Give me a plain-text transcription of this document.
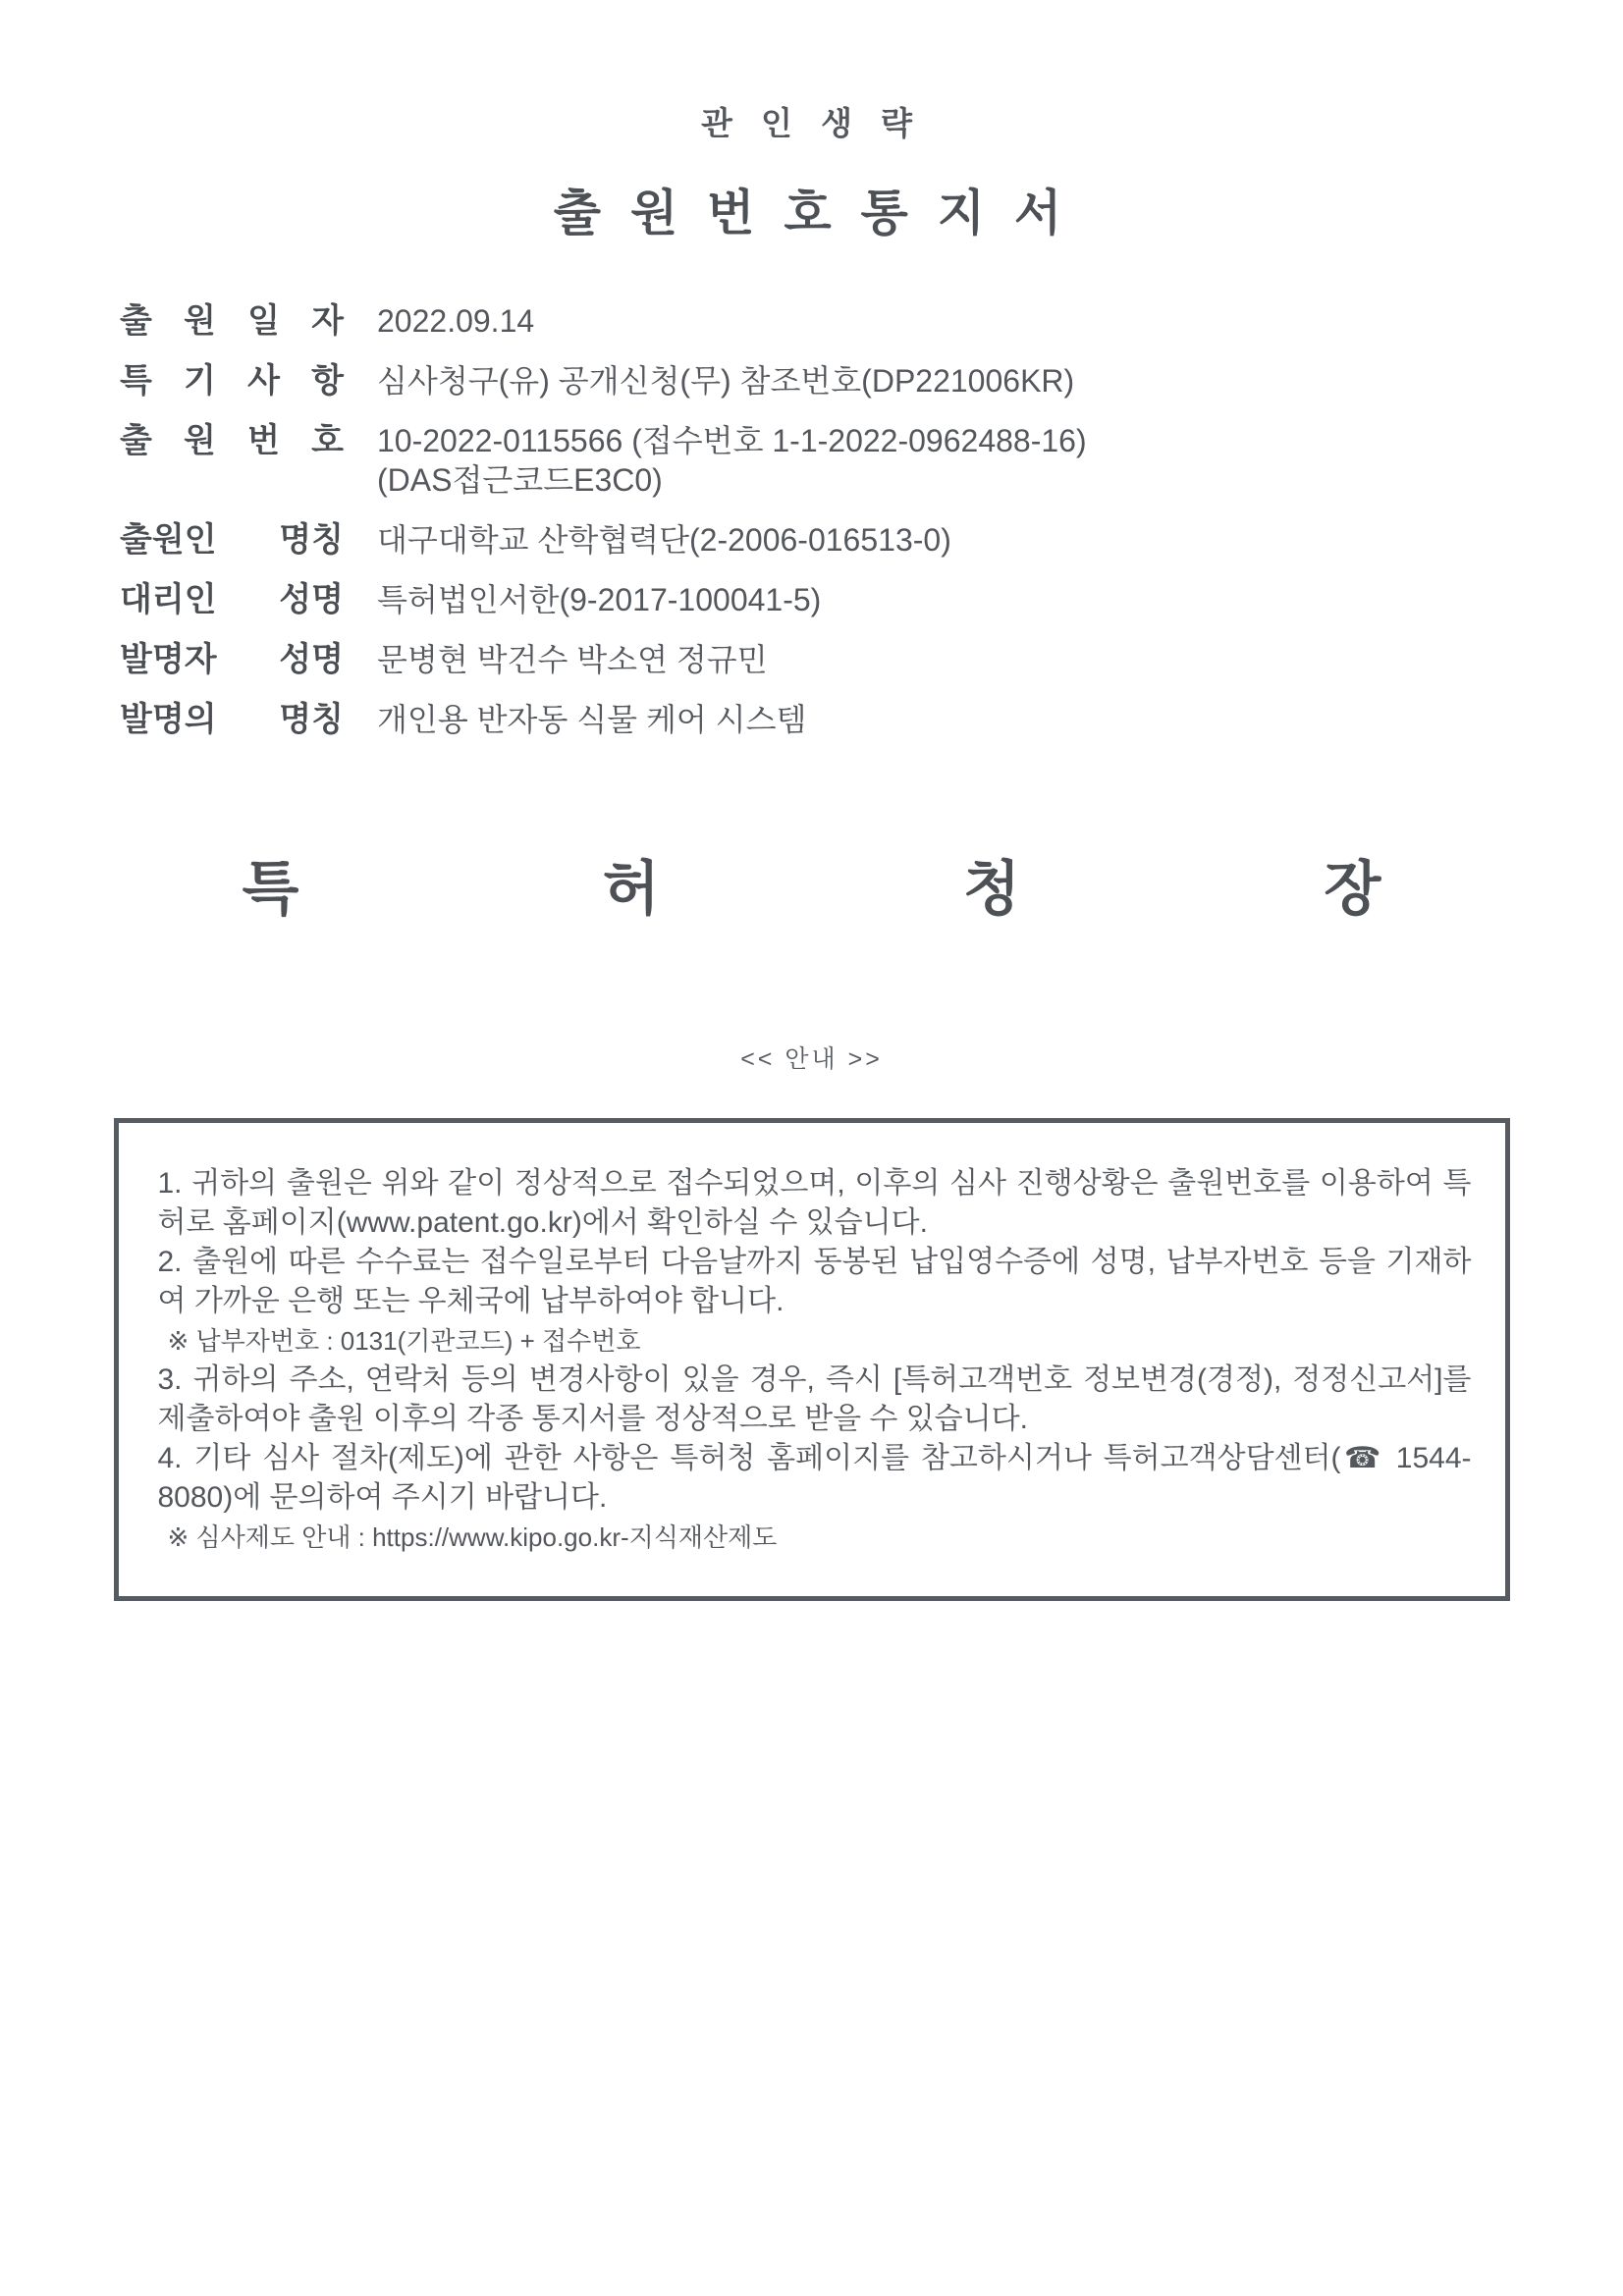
관 인 생 략
출 원 번 호 통 지 서
출 원 일 자 2022.09.14
특 기 사 항 심사청구(유) 공개신청(무) 참조번호(DP221006KR)
출 원 번 호 10-2022-0115566 (접수번호 1-1-2022-0962488-16)
(DAS접근코드E3C0)
출원인 명칭 대구대학교 산학협력단(2-2006-016513-0)
대리인 성명 특허법인서한(9-2017-100041-5)
발명자 성명 문병현 박건수 박소연 정규민
발명의 명칭 개인용 반자동 식물 케어 시스템
특 허 청 장
<< 안내 >>

1. 귀하의 출원은 위와 같이 정상적으로 접수되었으며, 이후의 심사 진행상황은 출원번호를 이용하여 특허로 홈페이지(www.patent.go.kr)에서 확인하실 수 있습니다.

2. 출원에 따른 수수료는 접수일로부터 다음날까지 동봉된 납입영수증에 성명, 납부자번호 등을 기재하여 가까운 은행 또는 우체국에 납부하여야 합니다.

※ 납부자번호 : 0131(기관코드) + 접수번호

3. 귀하의 주소, 연락처 등의 변경사항이 있을 경우, 즉시 [특허고객번호 정보변경(경정), 정정신고서]를 제출하여야 출원 이후의 각종 통지서를 정상적으로 받을 수 있습니다.

4. 기타 심사 절차(제도)에 관한 사항은 특허청 홈페이지를 참고하시거나 특허고객상담센터(☎ 1544-8080)에 문의하여 주시기 바랍니다.

※ 심사제도 안내 : https://www.kipo.go.kr-지식재산제도
